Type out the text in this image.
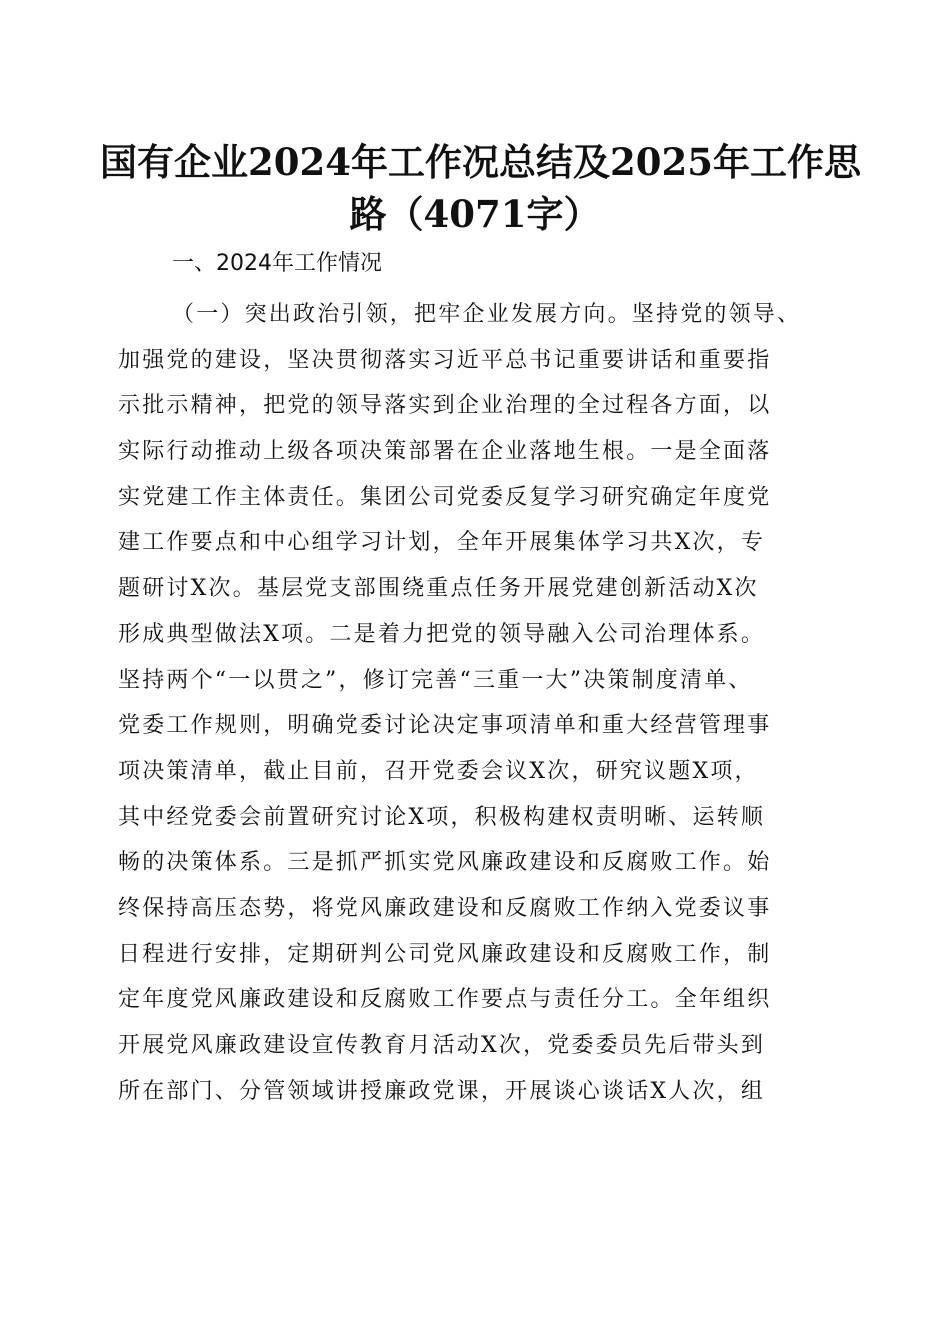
国有企业2024年工作况总结及2025年工作思
路（4071字）
一、2024年工作情况
（一）突出政治引领，把牢企业发展方向。坚持党的领导、
加强党的建设，坚决贯彻落实习近平总书记重要讲话和重要指
示批示精神，把党的领导落实到企业治理的全过程各方面，以
实际行动推动上级各项决策部署在企业落地生根。一是全面落
实党建工作主体责任。集团公司党委反复学习研究确定年度党
建工作要点和中心组学习计划，全年开展集体学习共X次，专
题研讨X次。基层党支部围绕重点任务开展党建创新活动X次
形成典型做法X项。二是着力把党的领导融入公司治理体系。
坚持两个“一以贯之”，修订完善“三重一大”决策制度清单、
党委工作规则，明确党委讨论决定事项清单和重大经营管理事
项决策清单，截止目前，召开党委会议X次，研究议题X项，
其中经党委会前置研究讨论X项，积极构建权责明晰、运转顺
畅的决策体系。三是抓严抓实党风廉政建设和反腐败工作。始
终保持高压态势，将党风廉政建设和反腐败工作纳入党委议事
日程进行安排，定期研判公司党风廉政建设和反腐败工作，制
定年度党风廉政建设和反腐败工作要点与责任分工。全年组织
开展党风廉政建设宣传教育月活动X次，党委委员先后带头到
所在部门、分管领域讲授廉政党课，开展谈心谈话X人次，组
